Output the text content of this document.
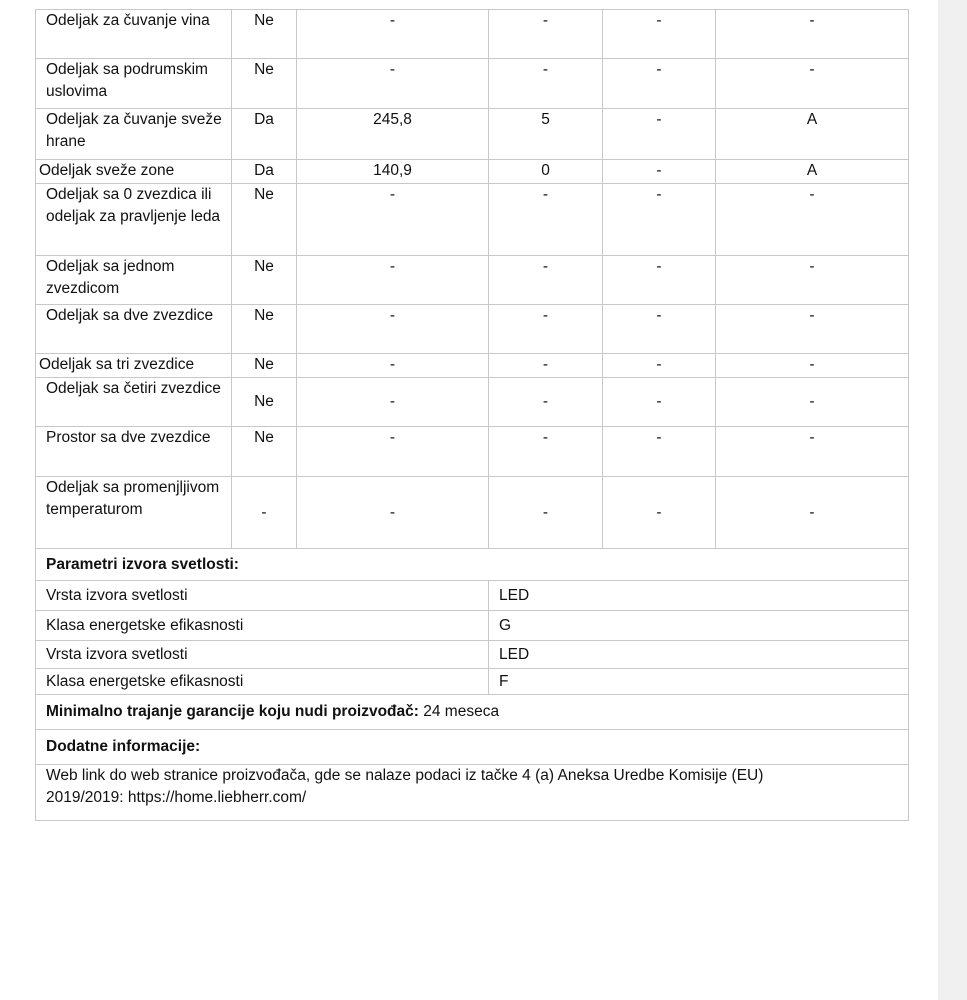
Odeljak za čuvanje vina	Ne	-	-	-	-
Odeljak sa podrumskim uslovima	Ne	-	-	-	-
Odeljak za čuvanje sveže hrane	Da	245,8	5	-	A
Odeljak sveže zone	Da	140,9	0	-	A
Odeljak sa 0 zvezdica ili odeljak za pravljenje leda	Ne	-	-	-	-
Odeljak sa jednom zvezdicom	Ne	-	-	-	-
Odeljak sa dve zvezdice	Ne	-	-	-	-
Odeljak sa tri zvezdice	Ne	-	-	-	-
Odeljak sa četiri zvezdice	Ne	-	-	-	-
Prostor sa dve zvezdice	Ne	-	-	-	-
Odeljak sa promenjljivom temperaturom	-	-	-	-	-
Parametri izvora svetlosti:	
Vrsta izvora svetlosti	LED
Klasa energetske efikasnosti	G
Vrsta izvora svetlosti	LED
Klasa energetske efikasnosti	F
Minimalno trajanje garancije koju nudi proizvođač: 24 meseca	
Dodatne informacije:	
Web link do web stranice proizvođača, gde se nalaze podaci iz tačke 4 (a) Aneksa Uredbe Komisije (EU) 2019/2019: https://home.liebherr.com/	
